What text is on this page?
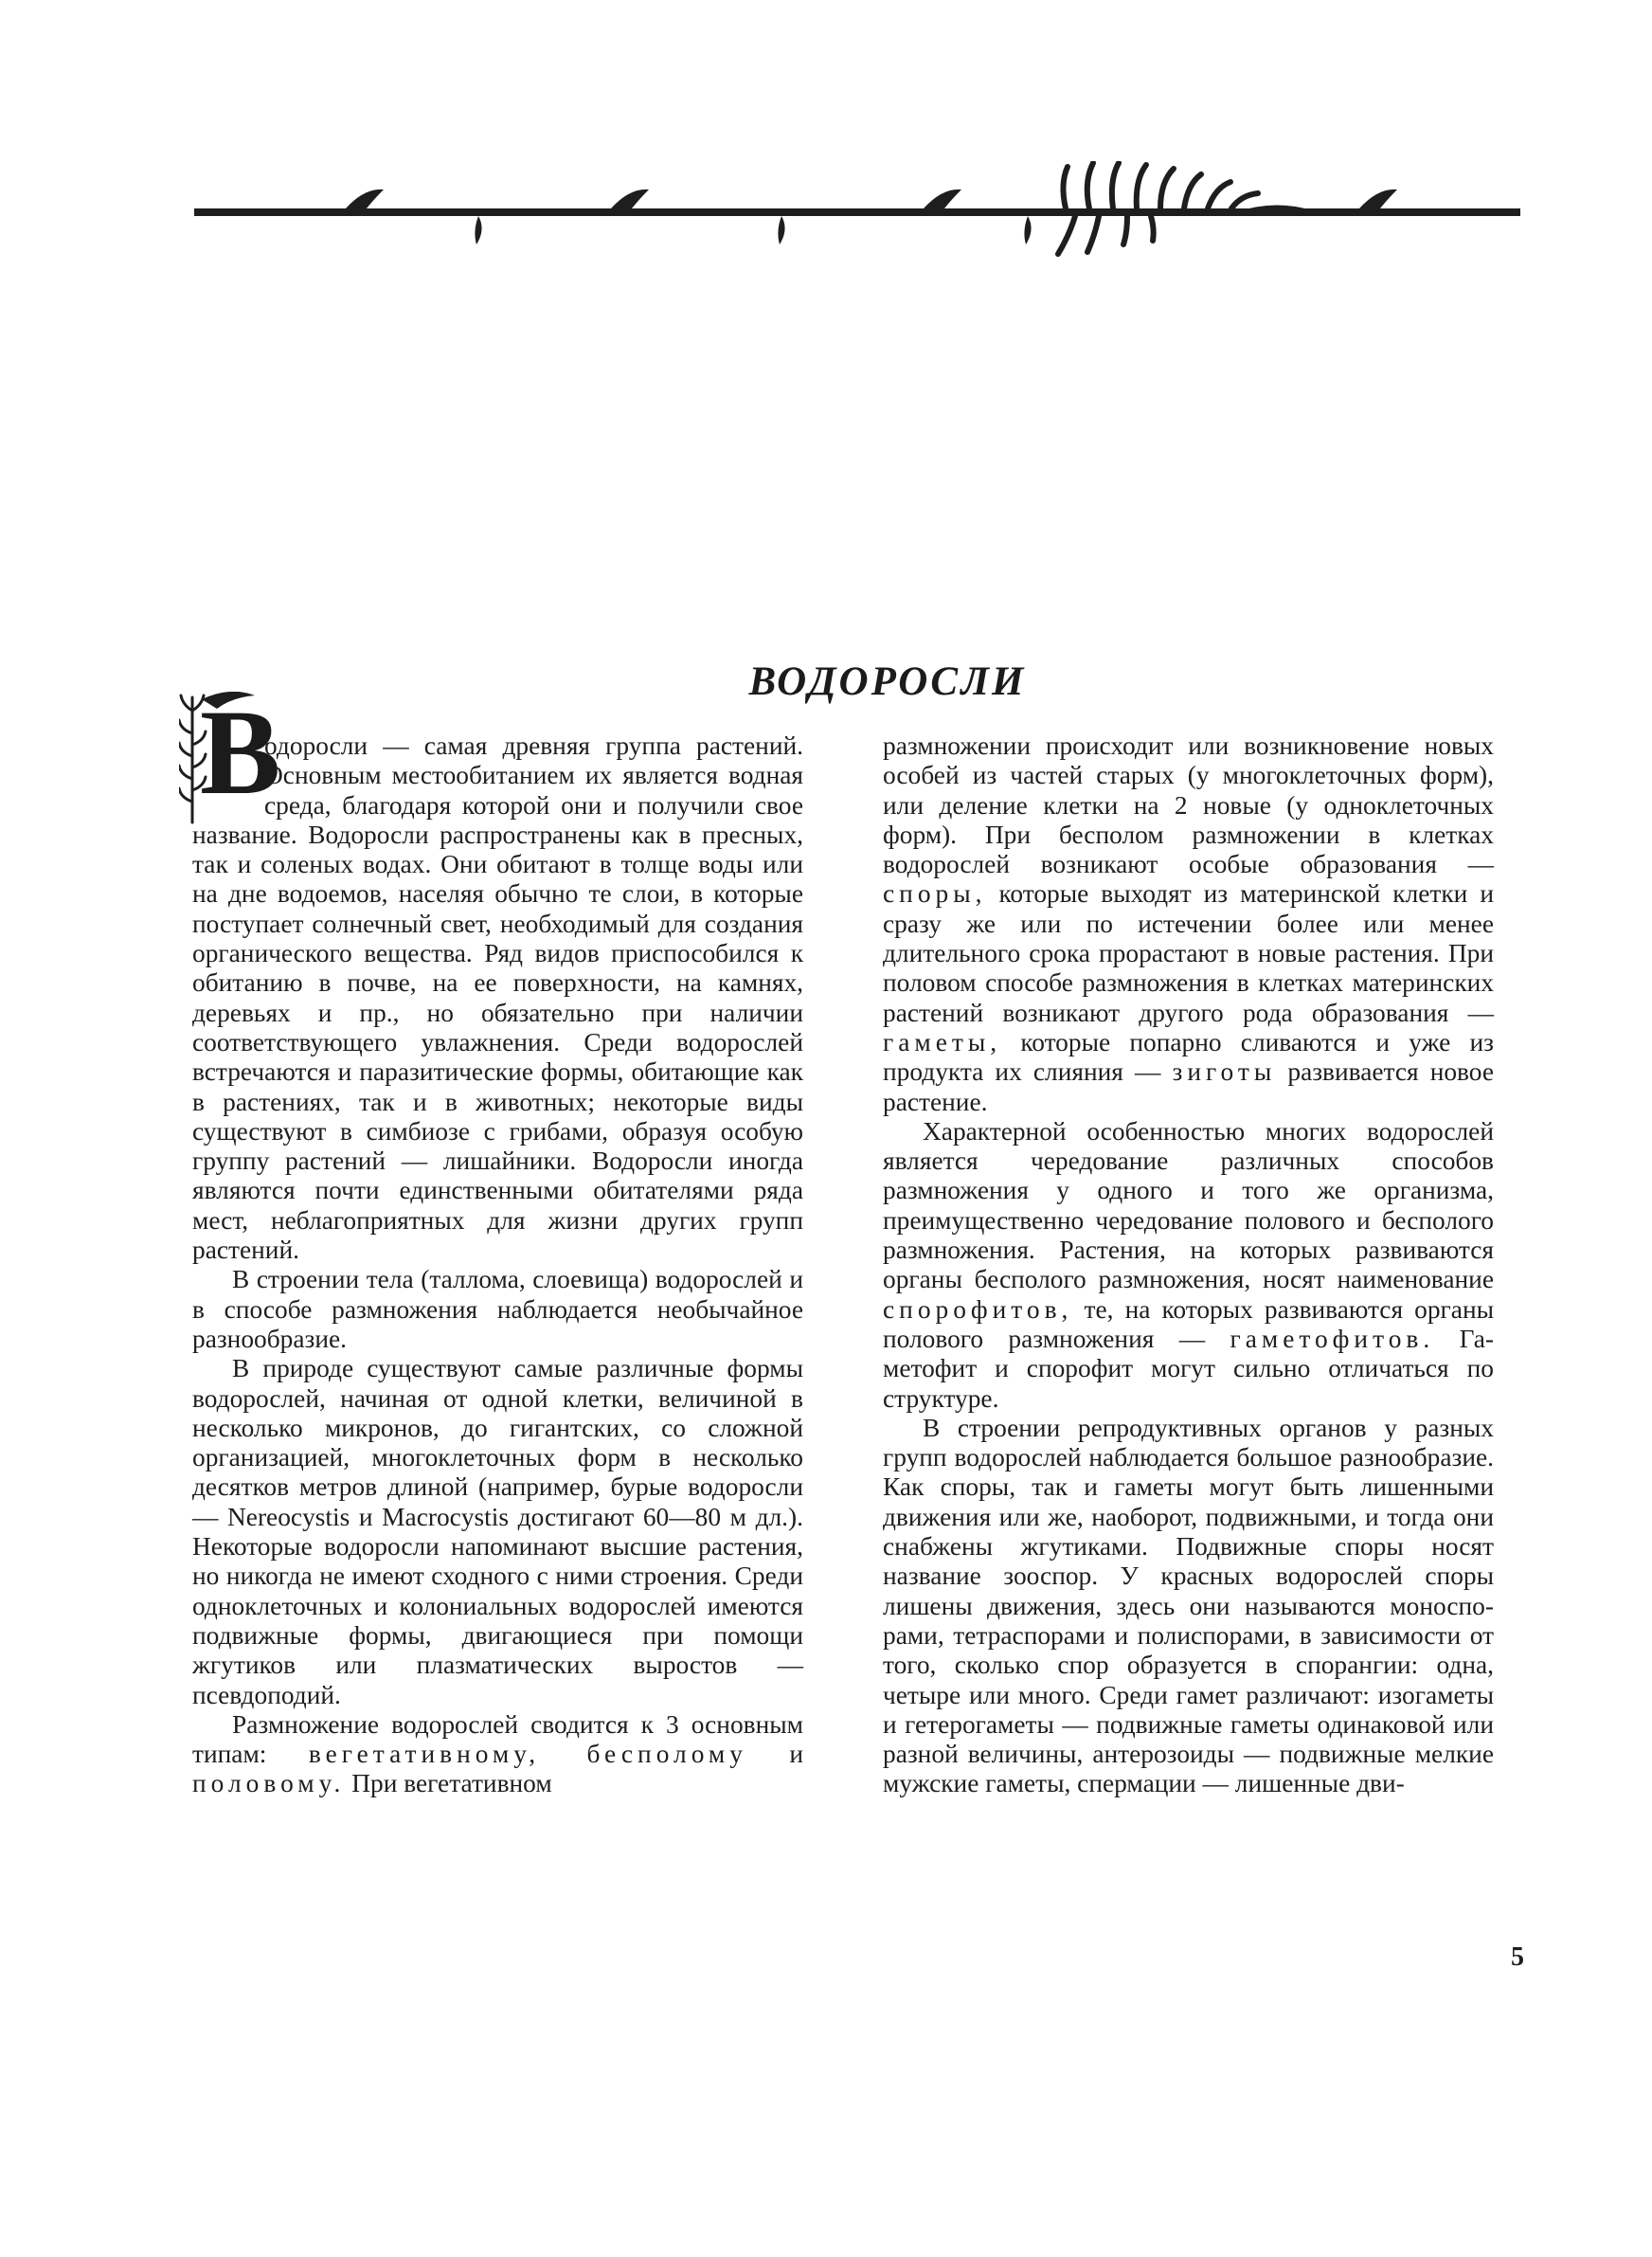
ВОДОРОСЛИ

В
одоросли — самая древняя группа растений. Основным местообитанием их является водная среда, благодаря которой они и получили свое название. Водоросли распространены как в пресных, так и соленых водах. Они обитают в толще воды или на дне водоемов, населяя обычно те слои, в которые поступает солнечный свет, необходимый для создания органического вещества. Ряд видов приспособился к обитанию в почве, на ее поверхности, на камнях, деревьях и пр., но обязательно при наличии соответствующего увлажнения. Среди водорослей встречаются и паразитические формы, обитающие как в растениях, так и в животных; некоторые виды существуют в симбиозе с грибами, образуя особую группу растений — лишайники. Водоросли иногда являются почти единственными обитателями ряда мест, неблагоприятных для жизни других групп растений.

В строении тела (таллома, слоевища) водорослей и в способе размножения наблюдается необычайное разнообразие.

В природе существуют самые различные формы водорослей, начиная от одной клетки, величиной в несколько микронов, до гигантских, со сложной организацией, многоклеточных форм в несколько десятков метров длиной (например, бурые водоросли — Nereocystis и Macrocystis достигают 60—80 м дл.). Некоторые водоросли напоминают высшие растения, но никогда не имеют сходного с ними строения. Среди одноклеточных и колониальных водорослей имеются подвижные формы, двигающиеся при помощи жгутиков или плазматических выростов — псевдоподий.

Размножение водорослей сводится к 3 основным типам: вегетативному, бесполому и половому. При вегетативном

размножении происходит или возникновение новых особей из частей старых (у многоклеточных форм), или деление клетки на 2 новые (у одноклеточных форм). При бесполом размножении в клетках водорослей возникают особые образования — споры, которые выходят из материнской клетки и сразу же или по истечении более или менее длительного срока прорастают в новые растения. При половом способе размножения в клетках материнских растений возникают другого рода образования — гаметы, которые попарно сливаются и уже из продукта их слияния — зиготы развивается новое растение.

Характерной особенностью многих водорослей является чередование различных способов размножения у одного и того же организма, преимущественно чередование полового и бесполого размножения. Растения, на которых развиваются органы бесполого размножения, носят наименование спорофитов, те, на которых развиваются органы полового размножения — гаметофитов. Гаметофит и спорофит могут сильно отличаться по структуре.

В строении репродуктивных органов у разных групп водорослей наблюдается большое разнообразие. Как споры, так и гаметы могут быть лишенными движения или же, наоборот, подвижными, и тогда они снабжены жгутиками. Подвижные споры носят название зооспор. У красных водорослей споры лишены движения, здесь они называются моноспорами, тетраспорами и полиспорами, в зависимости от того, сколько спор образуется в спорангии: одна, четыре или много. Среди гамет различают: изогаметы и гетерогаметы — подвижные гаметы одинаковой или разной величины, антерозоиды — подвижные мелкие мужские гаметы, спермации — лишенные дви-

5
